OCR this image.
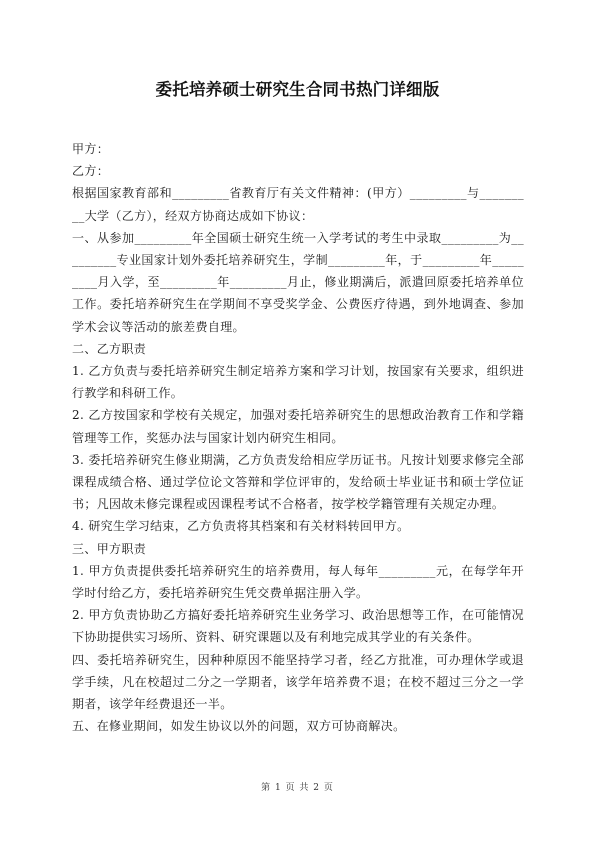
委托培养硕士研究生合同书热门详细版

甲方：

乙方：

根据国家教育部和_________省教育厅有关文件精神：(甲方）_________与_________大学（乙方），经双方协商达成如下协议：

一、从参加_________年全国硕士研究生统一入学考试的考生中录取_________为_________专业国家计划外委托培养研究生，学制_________年，于_________年_________月入学，至_________年_________月止，修业期满后，派遣回原委托培养单位工作。委托培养研究生在学期间不享受奖学金、公费医疗待遇，到外地调查、参加学术会议等活动的旅差费自理。

二、乙方职责

1. 乙方负责与委托培养研究生制定培养方案和学习计划，按国家有关要求，组织进行教学和科研工作。

2. 乙方按国家和学校有关规定，加强对委托培养研究生的思想政治教育工作和学籍管理等工作，奖惩办法与国家计划内研究生相同。

3. 委托培养研究生修业期满，乙方负责发给相应学历证书。凡按计划要求修完全部课程成绩合格、通过学位论文答辩和学位评审的，发给硕士毕业证书和硕士学位证书；凡因故未修完课程或因课程考试不合格者，按学校学籍管理有关规定办理。

4. 研究生学习结束，乙方负责将其档案和有关材料转回甲方。

三、甲方职责

1. 甲方负责提供委托培养研究生的培养费用，每人每年_________元，在每学年开学时付给乙方，委托培养研究生凭交费单据注册入学。

2. 甲方负责协助乙方搞好委托培养研究生业务学习、政治思想等工作，在可能情况下协助提供实习场所、资料、研究课题以及有利地完成其学业的有关条件。

四、委托培养研究生，因种种原因不能坚持学习者，经乙方批准，可办理休学或退学手续，凡在校超过二分之一学期者，该学年培养费不退；在校不超过三分之一学期者，该学年经费退还一半。

五、在修业期间，如发生协议以外的问题，双方可协商解决。

第 1 页 共 2 页
